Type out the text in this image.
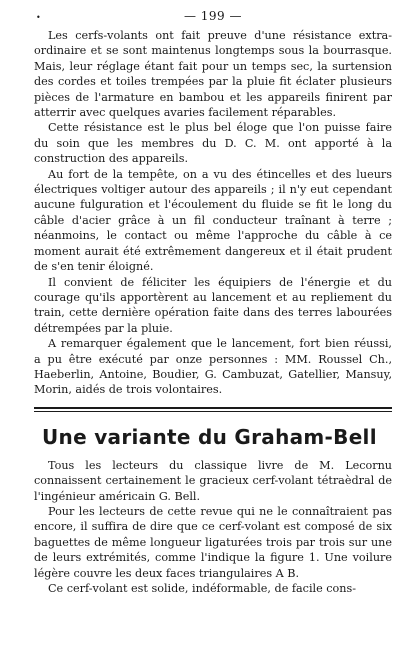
•	— 199 —

Les cerfs-volants ont fait preuve d'une résistance extra-ordinaire et se sont maintenus longtemps sous la bourrasque. Mais, leur réglage étant fait pour un temps sec, la surtension des cordes et toiles trempées par la pluie fit éclater plusieurs pièces de l'armature en bambou et les appareils finirent par atterrir avec quelques avaries facilement réparables.

Cette résistance est le plus bel éloge que l'on puisse faire du soin que les membres du D. C. M. ont apporté à la construction des appareils.

Au fort de la tempête, on a vu des étincelles et des lueurs électriques voltiger autour des appareils ; il n'y eut cependant aucune fulguration et l'écoulement du fluide se fit le long du câble d'acier grâce à un fil conducteur traînant à terre ; néanmoins, le contact ou même l'approche du câble à ce moment aurait été extrêmement dangereux et il était prudent de s'en tenir éloigné.

Il convient de féliciter les équipiers de l'énergie et du courage qu'ils apportèrent au lancement et au repliement du train, cette dernière opération faite dans des terres labourées détrempées par la pluie.

A remarquer également que le lancement, fort bien réussi, a pu être exécuté par onze personnes : MM. Roussel Ch., Haeberlin, Antoine, Boudier, G. Cambuzat, Gatellier, Mansuy, Morin, aidés de trois volontaires.

Une variante du Graham-Bell

Tous les lecteurs du classique livre de M. Lecornu connaissent certainement le gracieux cerf-volant tétraèdral de l'ingénieur américain G. Bell.

Pour les lecteurs de cette revue qui ne le connaîtraient pas encore, il suffira de dire que ce cerf-volant est composé de six baguettes de même longueur ligaturées trois par trois sur une de leurs extrémités, comme l'indique la figure 1. Une voilure légère couvre les deux faces triangulaires A B.

Ce cerf-volant est solide, indéformable, de facile cons-
